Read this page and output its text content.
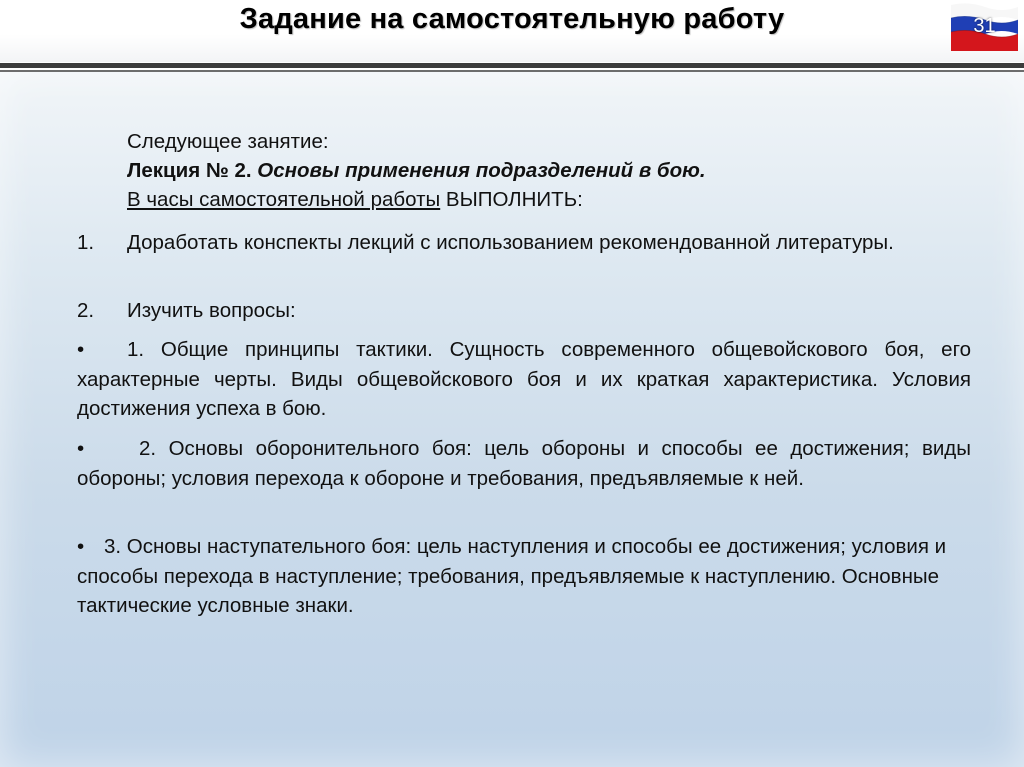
Задание на самостоятельную работу	31
Следующее занятие:
Лекция № 2. Основы применения подразделений в бою.
В часы самостоятельной работы ВЫПОЛНИТЬ:
1. Доработать конспекты лекций с использованием рекомендованной литературы.
2. Изучить вопросы:
• 1. Общие принципы тактики. Сущность современного общевойскового боя, его характерные черты. Виды общевойскового боя и их краткая характеристика. Условия достижения успеха в бою.
•	2. Основы оборонительного боя: цель обороны и способы ее достижения; виды обороны; условия перехода к обороне и требования, предъявляемые к ней.
• 3. Основы наступательного боя: цель наступления и способы ее достижения; условия и способы перехода в наступление; требования, предъявляемые к наступлению. Основные тактические условные знаки.
